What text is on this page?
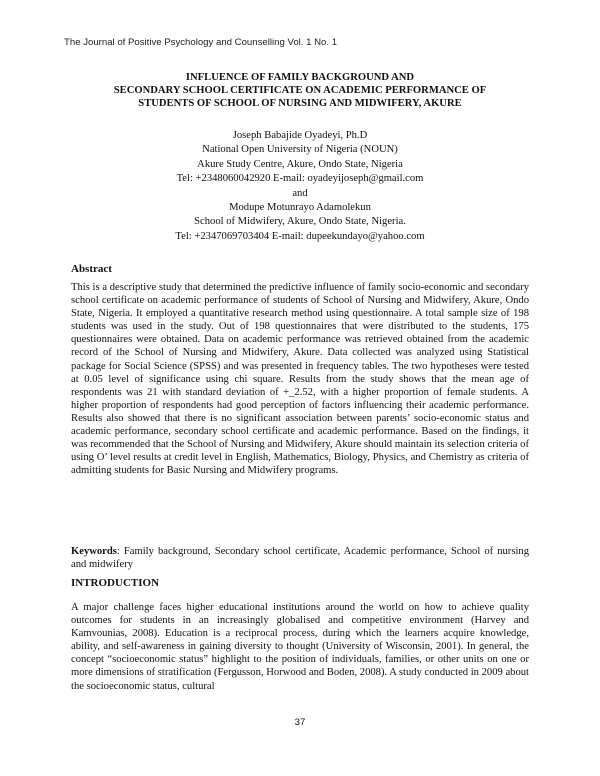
The Journal of Positive Psychology and Counselling Vol. 1 No. 1
INFLUENCE OF FAMILY BACKGROUND AND
SECONDARY SCHOOL CERTIFICATE ON ACADEMIC PERFORMANCE OF
STUDENTS OF SCHOOL OF NURSING AND MIDWIFERY, AKURE
Joseph Babajide Oyadeyi, Ph.D
National Open University of Nigeria (NOUN)
Akure Study Centre, Akure, Ondo State, Nigeria
Tel: +2348060042920 E-mail: oyadeyijoseph@gmail.com
and
Modupe Motunrayo Adamolekun
School of Midwifery, Akure, Ondo State, Nigeria.
Tel: +2347069703404 E-mail: dupeekundayo@yahoo.com
Abstract

This is a descriptive study that determined the predictive influence of family socio-economic and secondary school certificate on academic performance of students of School of Nursing and Midwifery, Akure, Ondo State, Nigeria. It employed a quantitative research method using questionnaire. A total sample size of 198 students was used in the study. Out of 198 questionnaires that were distributed to the students, 175 questionnaires were obtained. Data on academic performance was retrieved obtained from the academic record of the School of Nursing and Midwifery, Akure. Data collected was analyzed using Statistical package for Social Science (SPSS) and was presented in frequency tables. The two hypotheses were tested at 0.05 level of significance using chi square. Results from the study shows that the mean age of respondents was 21 with standard deviation of +_2.52, with a higher proportion of female students. A higher proportion of respondents had good perception of factors influencing their academic performance. Results also showed that there is no significant association between parents’ socio-economic status and academic performance, secondary school certificate and academic performance. Based on the findings, it was recommended that the School of Nursing and Midwifery, Akure should maintain its selection criteria of using O’ level results at credit level in English, Mathematics, Biology, Physics, and Chemistry as criteria of admitting students for Basic Nursing and Midwifery programs.

Keywords: Family background, Secondary school certificate, Academic performance, School of nursing and midwifery

INTRODUCTION

A major challenge faces higher educational institutions around the world on how to achieve quality outcomes for students in an increasingly globalised and competitive environment (Harvey and Kamvounias, 2008). Education is a reciprocal process, during which the learners acquire knowledge, ability, and self-awareness in gaining diversity to thought (University of Wisconsin, 2001). In general, the concept “socioeconomic status” highlight to the position of individuals, families, or other units on one or more dimensions of stratification (Fergusson, Horwood and Boden, 2008). A study conducted in 2009 about the socioeconomic status, cultural

37
